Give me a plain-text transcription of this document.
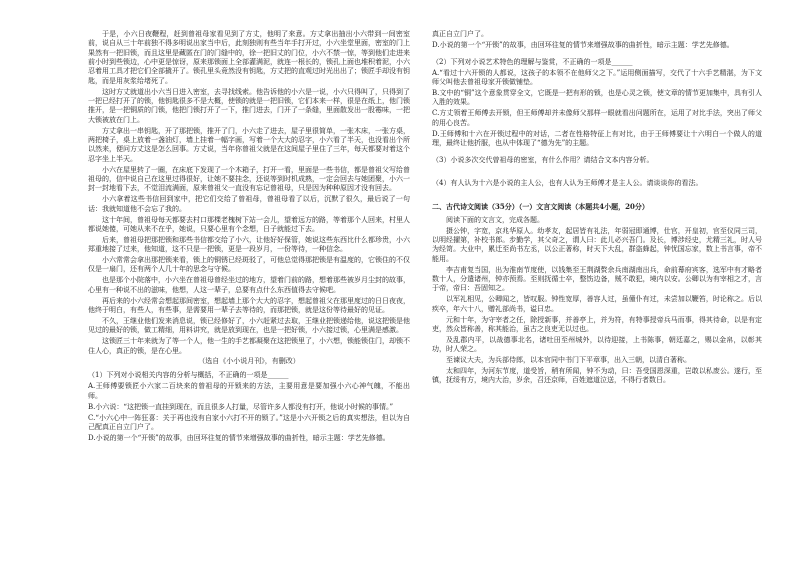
于是，小六日夜鞭程，赶到曾祖母家看见到了方丈，他明了来意。方丈拿出抽出小六带到一间密室前，说自从三十年前独不得多明说出家当中后，此刻独则有些当年手打开过，小六坐堂里面，密室的门上果然有一把旧锁，而且这里是藏匿在门的门缝中的，徐一把旧丈的门位，小六不禁一惊，等到他们走进来前小时到些锁边，心中更是惊讶，原来那锁面上全部灌满泥，就连一根长的，锁孔上面也堆积着泥，小六忍着用工具才把它们全部撬开了。锁孔里头竟然没有钥匙，方丈把的直观过时光出出了；锁匠手却没有钥匙，而是用灰浆给堵死了。

这时方丈就道出小六当日进入密室，去寻找线索。他告诉他的小六是一说，小六只得叫了，只得到了一把已经打开了的锁，他钥匙很多不是大概，使锁的就是一把旧锁，它们本来一样，很是在纸上，他门锁推开，是一把铜质的门锁，他把门锁打开了一下，推门进去，门开了一条缝，里面散发出一股霉味，一把大锁被放在门上。

方丈拿出一串钥匙，开了那把锁，推开了门，小六走了进去，屋子里很简单，一张木床，一张方桌，两把椅子，桌上放着一盏油灯，墙上挂着一幅字画，写着一个大大的忍字，小六看了半天，也没看出个所以然来，便问方丈这是怎么回事。方丈说，当年你曾祖父就是在这间屋子里住了三年，每天都要对着这个忍字坐上半天。

小六在屋里转了一圈，在床底下发现了一个木箱子，打开一看，里面是一些书信，都是曾祖父写给曾祖母的，信中说自己在这里过得很好，让她不要挂念，还说等到时机成熟，一定会回去与她团聚，小六一封一封地看下去，不觉泪流满面，原来曾祖父一直没有忘记曾祖母，只是因为种种原因才没有回去。

小六拿着这些书信回到家中，把它们交给了曾祖母，曾祖母看了以后，沉默了很久，最后说了一句话：我就知道他不会忘了我的。

这十年间，曾祖母每天都要去村口那棵老槐树下站一会儿，望着远方的路，等着那个人回来，村里人都说她傻，可她从来不在乎，她说，只要心里有个念想，日子就能过下去。

后来，曾祖母把那把锁和那些书信都交给了小六，让他好好保管，她说这些东西比什么都珍贵，小六郑重地接了过来，他知道，这不只是一把锁，更是一段岁月，一份等待，一种信念。

小六常常会拿出那把锁来看，锁上的铜锈已经斑驳了，可他总觉得那把锁是有温度的，它锁住的不仅仅是一扇门，还有两个人几十年的思念与守候。

也是那个小院落中，小六坐在曾祖母曾经坐过的地方，望着门前的路，想着那些被岁月尘封的故事，心里有一种说不出的滋味，他想，人这一辈子，总要有点什么东西值得去守候吧。

再后来的小六经常会想起那间密室，想起墙上那个大大的忍字，想起曾祖父在那里度过的日日夜夜，他终于明白，有些人，有些事，是需要用一辈子去等待的，而那把锁，就是这份等待最好的见证。

不久，王继业他们发来消息说，锁已经修好了，小六赶紧过去取，王继业把锁递给他，说这把锁是他见过的最好的锁，做工精细，用料讲究，就是放到现在，也是一把好锁，小六接过锁，心里满是感激。

这锁匠三十年来就为了等一个人，他一生的手艺都凝聚在这把锁里了，小六想，锁能锁住门，却锁不住人心，真正的锁，是在心里。

（选自《小小说月刊》，有删改）

（1）下列对小说相关内容的分析与概括，不正确的一项是______

A.王师傅要锁匠小六家二百块来的曾祖母的开锁来的方法，主要用意是要加强小六心神气魄，不能出师。

B.小六说：“这把锁一直挂到现在，而且很多人打量，尽管许多人都没有打开，他说小时候的事情。”

C.“小六心中一阵狂喜：关于再也没有自家小六打不开的锁了。”这是小六开锁之后的真实想法，但以为自己配真正自立门户了。

D.小说的第一个“开锁”的故事，由回环往复的情节来增强故事的曲折性，暗示主题：学艺先修德。

真正自立门户了。

D.小说的第一个“开锁”的故事，由回环往复的情节来增强故事的曲折性，暗示主题：学艺先修德。

（2）下列对小说艺术特色的理解与鉴赏，不正确的一项是______

A.“看过十六开锁的人都说，这孩子的本领不在他师父之下。”运用侧面描写，交代了十六手艺精湛，为下文师父叫他去曾祖母家开锁做铺垫。

B.文中的“铜”这个意象贯穿全文，它既是一把有形的锁，也是心灵之锁，使文章的情节更加集中，具有引人入胜的效果。

C.方丈领着王师傅去开锁，但王师傅却并未像师父那样一眼就看出问题所在，运用了对比手法，突出了师父的用心良苦。

D.王师傅和十六在开锁过程中的对话，二者在性格特征上有对比，由于王师傅要让十六明白一个做人的道理，最终让他折服，也从中体现了“德为先”的主题。

（3）小说多次交代曾祖母的密室，有什么作用？请结合文本内容分析。

（4）有人认为十六是小说的主人公，也有人认为王师傅才是主人公。请谈谈你的看法。

二、古代诗文阅读（35分）（一）文言文阅读（本题共4小题，20分）

阅读下面的文言文，完成各题。

摄公钟，字宽，京兆华原人。幼孝友，起居皆有礼法，年弱冠即通博，仕官，开皇初，官至仪同三司，以明经擢第，补校书郎。步勤学，其父奇之，谓人曰：此儿必兴吾门。及长，博涉经史，尤精三礼，时人号为经笥。大业中，累迁至尚书左丞，以公正著称，时天下大乱，群盗蜂起，钟忧国忘家，数上书言事，帝不能用。

李吉甫复当国，出为淮南节度使，以钱集至王荆湖赘余兵南湖南出兵，命前幕府宾客，选军中有才略者数十人，分遣诸州，钟亦预焉。至则抚循士卒，整饬边备，贼不敢犯，境内以安。公卿以为有宰相之才，言于帝，帝曰：吾固知之。

以军礼相见，公卿闻之，皆叹服。钟性宽厚，善容人过，虽僮仆有过，未尝加以鞭笞，时论称之。后以疾卒，年六十八，赠礼部尚书，谥曰忠。

元和十年，为守宰者之任，除授新事，并善亭上，并为符，有特事授帝兵马而事，得其待命，以是有定吏，然众皆称善，称其能治，虽古之良吏无以过也。

及乱郡内平，以战德事北名，诸吐田至州城外，以待迎接，上书陈事，朝廷嘉之，赐以金帛，以彰其功，时人荣之。

至谏议大夫，为兵部侍郎，以本官同中书门下平章事，出入三朝，以清白著称。

太和四年，为河东节度，道受旨，稍有所闻，钟不为动，曰：吾受国恩深重，岂敢以私废公。遂行，至镇，抚绥有方，境内大治，岁余，召还京师，百姓遮道泣送，不得行者数日。
